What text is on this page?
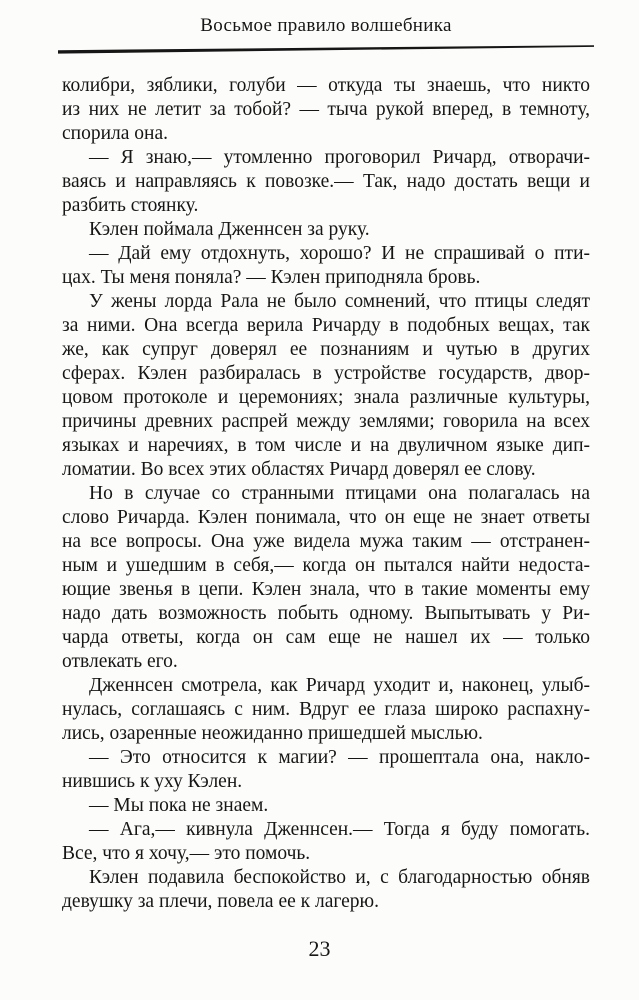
Восьмое правило волшебника

колибри, зяблики, голуби — откуда ты знаешь, что никто
из них не летит за тобой? — тыча рукой вперед, в темноту,
спорила она.

— Я знаю,— утомленно проговорил Ричард, отворачи-
ваясь и направляясь к повозке.— Так, надо достать вещи и
разбить стоянку.

Кэлен поймала Дженнсен за руку.

— Дай ему отдохнуть, хорошо? И не спрашивай о пти-
цах. Ты меня поняла? — Кэлен приподняла бровь.

У жены лорда Рала не было сомнений, что птицы следят
за ними. Она всегда верила Ричарду в подобных вещах, так
же, как супруг доверял ее познаниям и чутью в других
сферах. Кэлен разбиралась в устройстве государств, двор-
цовом протоколе и церемониях; знала различные культуры,
причины древних распрей между землями; говорила на всех
языках и наречиях, в том числе и на двуличном языке дип-
ломатии. Во всех этих областях Ричард доверял ее слову.

Но в случае со странными птицами она полагалась на
слово Ричарда. Кэлен понимала, что он еще не знает ответы
на все вопросы. Она уже видела мужа таким — отстранен-
ным и ушедшим в себя,— когда он пытался найти недоста-
ющие звенья в цепи. Кэлен знала, что в такие моменты ему
надо дать возможность побыть одному. Выпытывать у Ри-
чарда ответы, когда он сам еще не нашел их — только
отвлекать его.

Дженнсен смотрела, как Ричард уходит и, наконец, улыб-
нулась, соглашаясь с ним. Вдруг ее глаза широко распахну-
лись, озаренные неожиданно пришедшей мыслью.

— Это относится к магии? — прошептала она, накло-
нившись к уху Кэлен.

— Мы пока не знаем.

— Ага,— кивнула Дженнсен.— Тогда я буду помогать.
Все, что я хочу,— это помочь.

Кэлен подавила беспокойство и, с благодарностью обняв
девушку за плечи, повела ее к лагерю.

23
